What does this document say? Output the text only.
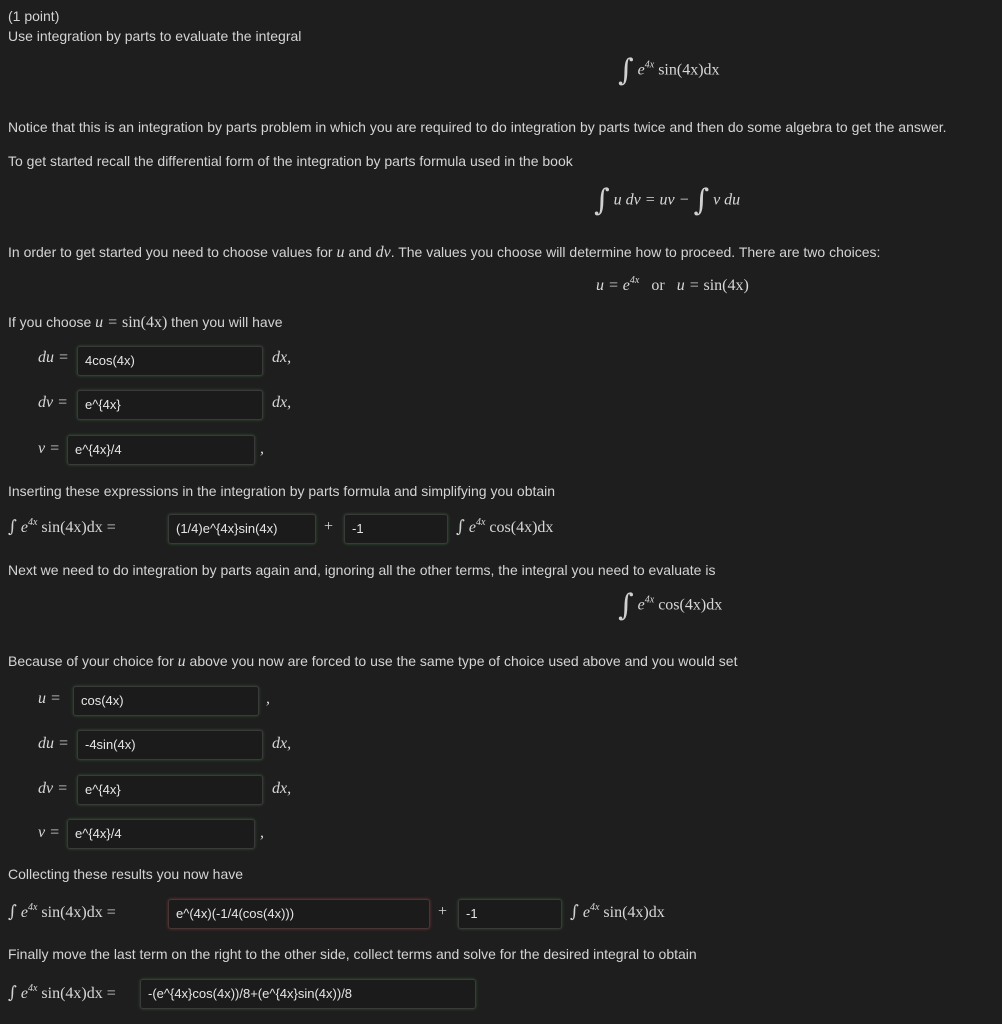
(1 point)
Use integration by parts to evaluate the integral
∫ $e^{4x}$ sin(4x)dx
Notice that this is an integration by parts problem in which you are required to do integration by parts twice and then do some algebra to get the answer.
To get started recall the differential form of the integration by parts formula used in the book
∫ u dv = uv − ∫ v du
In order to get started you need to choose values for u and dv. The values you choose will determine how to proceed. There are two choices:
$u = e^{4x}$ or u = sin(4x)
If you choose u = sin(4x) then you will have
du =	4cos(4x)	dx,
dv =	e^{4x}	dx,
v =	e^{4x}/4	,
Inserting these expressions in the integration by parts formula and simplifying you obtain
∫ $e^{4x}$ sin(4x)dx =	(1/4)e^{4x}sin(4x)	+	-1	∫ $e^{4x}$ cos(4x)dx
Next we need to do integration by parts again and, ignoring all the other terms, the integral you need to evaluate is
∫ $e^{4x}$ cos(4x)dx
Because of your choice for u above you now are forced to use the same type of choice used above and you would set
u =	cos(4x)	,
du =	-4sin(4x)	dx,
dv =	e^{4x}	dx,
v =	e^{4x}/4	,
Collecting these results you now have
∫ $e^{4x}$ sin(4x)dx =	e^(4x)(-1/4(cos(4x)))	+	-1	∫ $e^{4x}$ sin(4x)dx
Finally move the last term on the right to the other side, collect terms and solve for the desired integral to obtain
∫ $e^{4x}$ sin(4x)dx =	-(e^{4x}cos(4x))/8+(e^{4x}sin(4x))/8
